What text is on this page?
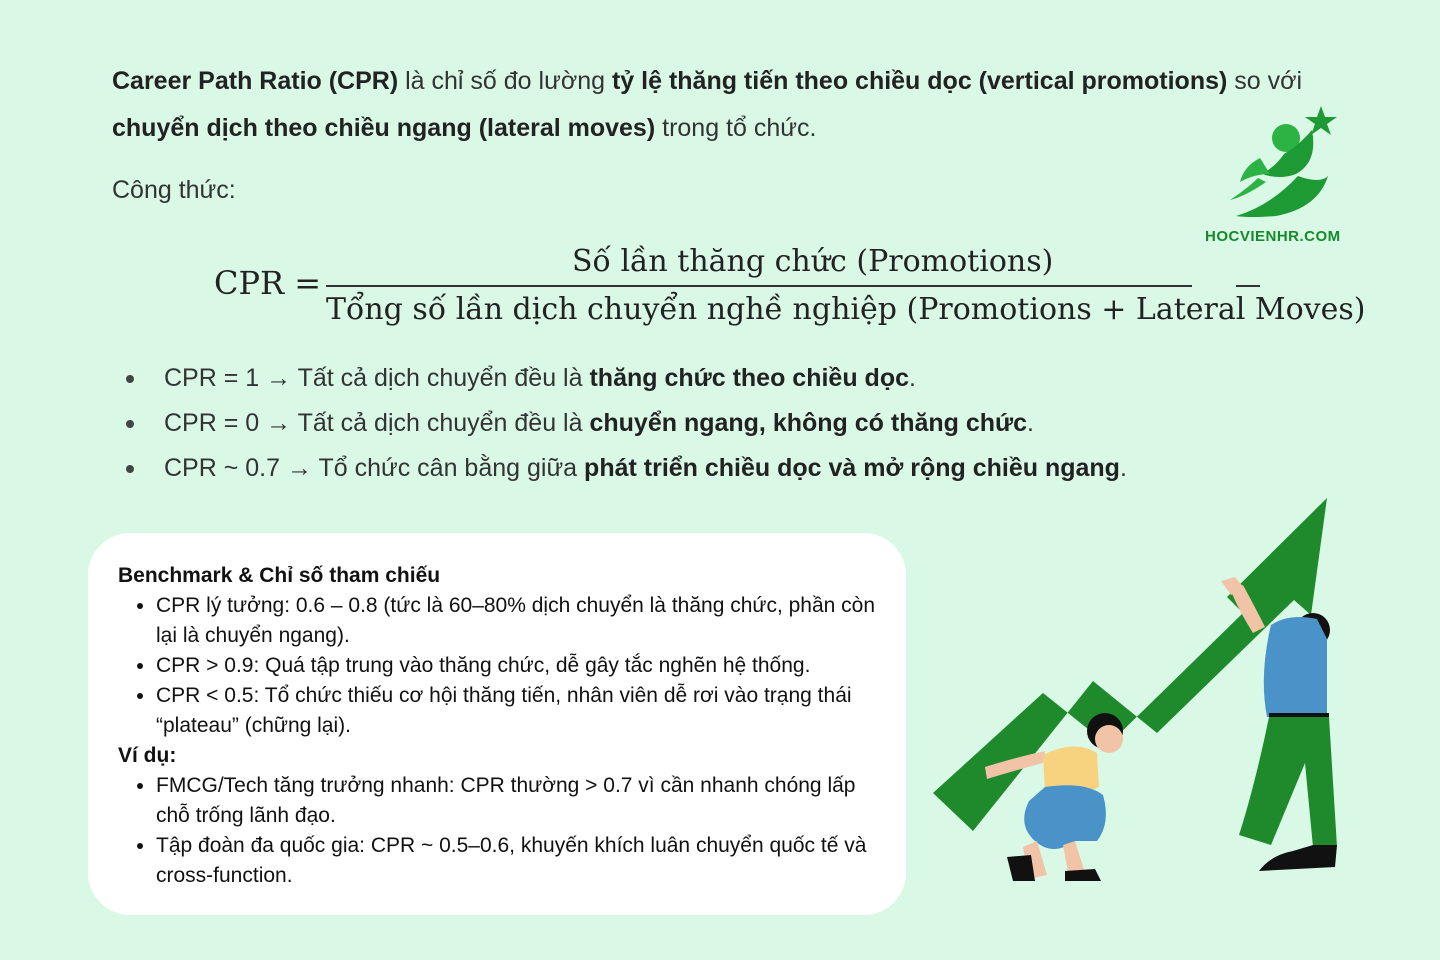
Career Path Ratio (CPR) là chỉ số đo lường tỷ lệ thăng tiến theo chiều dọc (vertical promotions) so với chuyển dịch theo chiều ngang (lateral moves) trong tổ chức.
Công thức:
CPR =
Số lần thăng chức (Promotions)
Tổng số lần dịch chuyển nghề nghiệp (Promotions + Lateral Moves)
CPR = 1 → Tất cả dịch chuyển đều là thăng chức theo chiều dọc.
CPR = 0 → Tất cả dịch chuyển đều là chuyển ngang, không có thăng chức.
CPR ~ 0.7 → Tổ chức cân bằng giữa phát triển chiều dọc và mở rộng chiều ngang.
HOCVIENHR.COM
Benchmark & Chỉ số tham chiếu
• CPR lý tưởng: 0.6 – 0.8 (tức là 60–80% dịch chuyển là thăng chức, phần còn lại là chuyển ngang).
• CPR > 0.9: Quá tập trung vào thăng chức, dễ gây tắc nghẽn hệ thống.
• CPR < 0.5: Tổ chức thiếu cơ hội thăng tiến, nhân viên dễ rơi vào trạng thái “plateau” (chững lại).
Ví dụ:
• FMCG/Tech tăng trưởng nhanh: CPR thường > 0.7 vì cần nhanh chóng lấp chỗ trống lãnh đạo.
• Tập đoàn đa quốc gia: CPR ~ 0.5–0.6, khuyến khích luân chuyển quốc tế và cross-function.
